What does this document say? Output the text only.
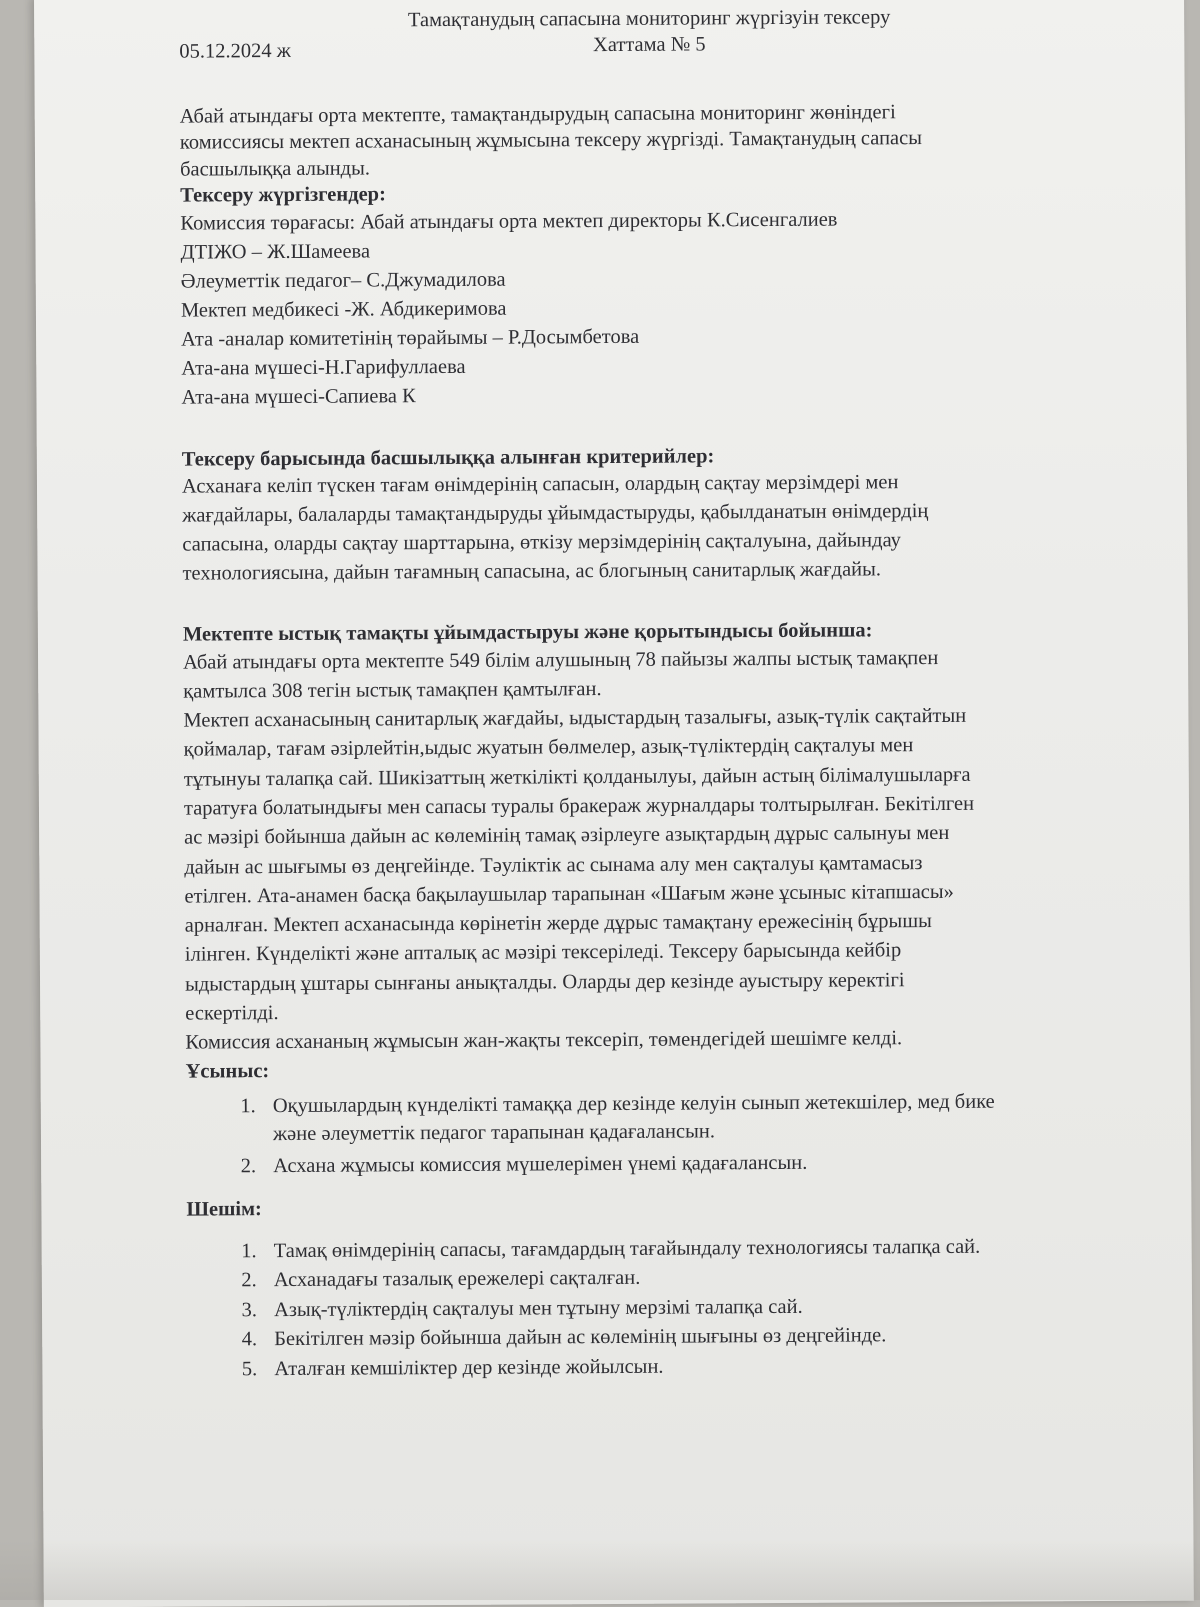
Тамақтанудың сапасына мониторинг жүргізуін тексеру
Хаттама № 5
05.12.2024 ж
Абай атындағы орта мектепте, тамақтандырудың сапасына мониторинг жөніндегі
комиссиясы мектеп асханасының жұмысына тексеру жүргізді. Тамақтанудың сапасы
басшылыққа алынды.
Тексеру жүргізгендер:
Комиссия төрағасы: Абай атындағы орта мектеп директоры К.Сисенгалиев
ДТІЖО – Ж.Шамеева
Әлеуметтік педагог– С.Джумадилова
Мектеп медбикесі -Ж. Абдикеримова
Ата -аналар комитетінің төрайымы – Р.Досымбетова
Ата-ана мүшесі-Н.Гарифуллаева
Ата-ана мүшесі-Сапиева К
Тексеру барысында басшылыққа алынған критерийлер:
Асханаға келіп түскен тағам өнімдерінің сапасын, олардың сақтау мерзімдері мен
жағдайлары, балаларды тамақтандыруды ұйымдастыруды, қабылданатын өнімдердің
сапасына, оларды сақтау шарттарына, өткізу мерзімдерінің сақталуына, дайындау
технологиясына, дайын тағамның сапасына, ас блогының санитарлық жағдайы.
Мектепте ыстық тамақты ұйымдастыруы және қорытындысы бойынша:
Абай атындағы орта мектепте 549 білім алушының 78 пайызы жалпы ыстық тамақпен
қамтылса 308 тегін ыстық тамақпен қамтылған.
Мектеп асханасының санитарлық жағдайы, ыдыстардың тазалығы, азық-түлік сақтайтын
қоймалар, тағам әзірлейтін,ыдыс жуатын бөлмелер, азық-түліктердің сақталуы мен
тұтынуы талапқа сай. Шикізаттың жеткілікті қолданылуы, дайын астың білімалушыларға
таратуға болатындығы мен сапасы туралы бракераж журналдары толтырылған. Бекітілген
ас мәзірі бойынша дайын ас көлемінің тамақ әзірлеуге азықтардың дұрыс салынуы мен
дайын ас шығымы өз деңгейінде. Тәуліктік ас сынама алу мен сақталуы қамтамасыз
етілген. Ата-анамен басқа бақылаушылар тарапынан «Шағым және ұсыныс кітапшасы»
арналған. Мектеп асханасында көрінетін жерде дұрыс тамақтану ережесінің бұрышы
ілінген. Күнделікті және апталық ас мәзірі тексеріледі. Тексеру барысында кейбір
ыдыстардың ұштары сынғаны анықталды. Оларды дер кезінде ауыстыру керектігі
ескертілді.
Комиссия асхананың жұмысын жан-жақты тексеріп, төмендегідей шешімге келді.
Ұсыныс:
1. Оқушылардың күнделікті тамаққа дер кезінде келуін сынып жетекшілер, мед бике және әлеуметтік педагог тарапынан қадағалансын.
2. Асхана жұмысы комиссия мүшелерімен үнемі қадағалансын.
Шешім:
1. Тамақ өнімдерінің сапасы, тағамдардың тағайындалу технологиясы талапқа сай.
2. Асханадағы тазалық ережелері сақталған.
3. Азық-түліктердің сақталуы мен тұтыну мерзімі талапқа сай.
4. Бекітілген мәзір бойынша дайын ас көлемінің шығыны өз деңгейінде.
5. Аталған кемшіліктер дер кезінде жойылсын.
